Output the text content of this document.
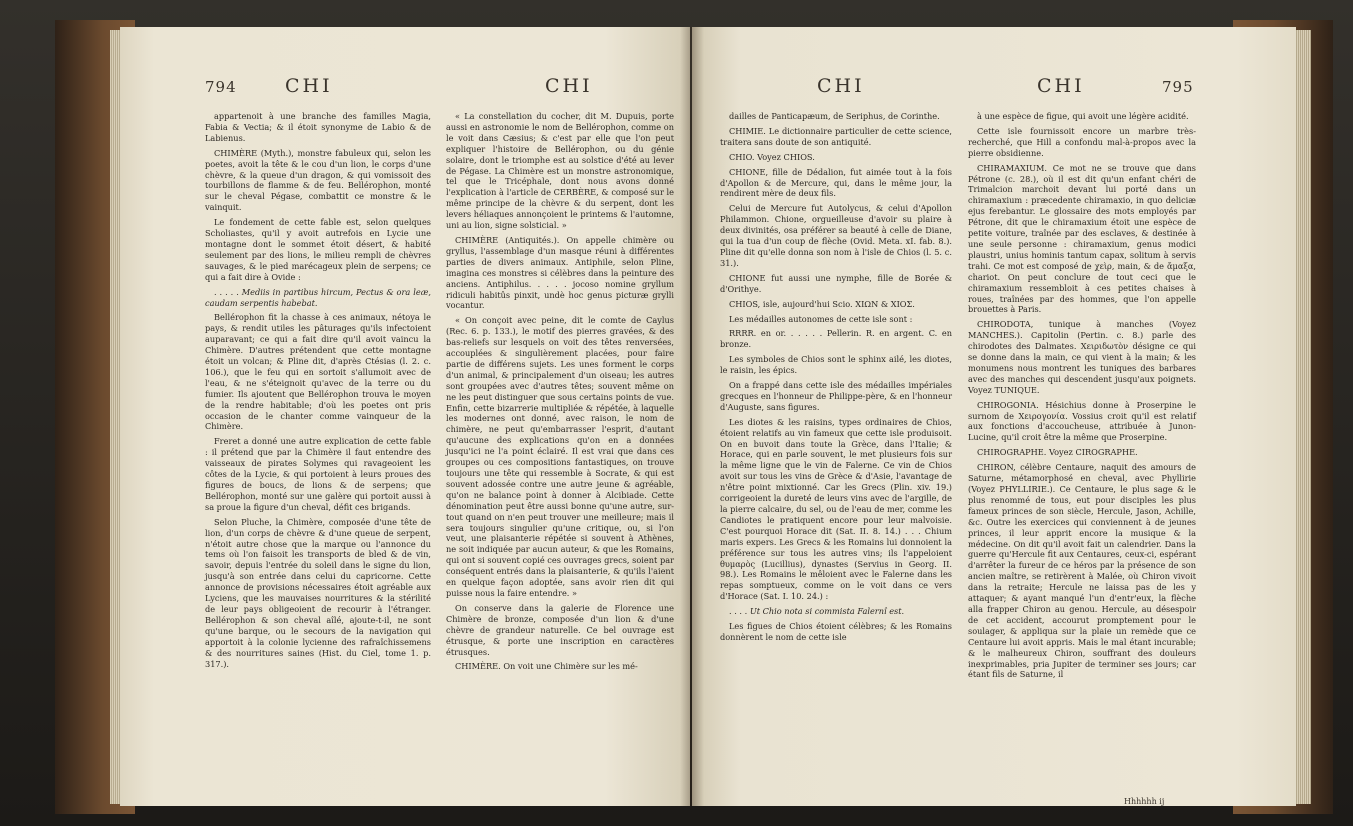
794	CHI	CHI

appartenoit à une branche des familles Magia, Fabia & Vectia; & il étoit synonyme de Labio & de Labienus.

CHIMÈRE (Myth.), monstre fabuleux qui, selon les poetes, avoit la tête & le cou d'un lion, le corps d'une chèvre, & la queue d'un dragon, & qui vomissoit des tourbillons de flamme & de feu. Bellérophon, monté sur le cheval Pégase, combattit ce monstre & le vainquit.

Le fondement de cette fable est, selon quelques Scholiastes, qu'il y avoit autrefois en Lycie une montagne dont le sommet étoit désert, & habité seulement par des lions, le milieu rempli de chèvres sauvages, & le pied marécageux plein de serpens; ce qui a fait dire à Ovide :

. . . . . Mediis in partibus hircum, Pectus & ora leæ, caudam serpentis habebat.

Bellérophon fit la chasse à ces animaux, nétoya le pays, & rendit utiles les pâturages qu'ils infectoient auparavant; ce qui a fait dire qu'il avoit vaincu la Chimère. D'autres prétendent que cette montagne étoit un volcan; & Pline dit, d'après Ctésias (l. 2. c. 106.), que le feu qui en sortoit s'allumoit avec de l'eau, & ne s'éteignoit qu'avec de la terre ou du fumier. Ils ajoutent que Bellérophon trouva le moyen de la rendre habitable; d'où les poetes ont pris occasion de le chanter comme vainqueur de la Chimère.

Freret a donné une autre explication de cette fable : il prétend que par la Chimère il faut entendre des vaisseaux de pirates Solymes qui ravageoient les côtes de la Lycie, & qui portoient à leurs proues des figures de boucs, de lions & de serpens; que Bellérophon, monté sur une galère qui portoit aussi à sa proue la figure d'un cheval, défit ces brigands.

Selon Pluche, la Chimère, composée d'une tête de lion, d'un corps de chèvre & d'une queue de serpent, n'étoit autre chose que la marque ou l'annonce du tems où l'on faisoit les transports de bled & de vin, savoir, depuis l'entrée du soleil dans le signe du lion, jusqu'à son entrée dans celui du capricorne. Cette annonce de provisions nécessaires étoit agréable aux Lyciens, que les mauvaises nourritures & la stérilité de leur pays obligeoient de recourir à l'étranger. Bellérophon & son cheval aîlé, ajoute-t-il, ne sont qu'une barque, ou le secours de la navigation qui apportoit à la colonie lycienne des rafraîchissemens & des nourritures saines (Hist. du Ciel, tome 1. p. 317.).

« La constellation du cocher, dit M. Dupuis, porte aussi en astronomie le nom de Bellérophon, comme on le voit dans Cæsius; & c'est par elle que l'on peut expliquer l'histoire de Bellérophon, ou du génie solaire, dont le triomphe est au solstice d'été au lever de Pégase. La Chimère est un monstre astronomique, tel que le Tricéphale, dont nous avons donné l'explication à l'article de CERBÈRE, & composé sur le même principe de la chèvre & du serpent, dont les levers héliaques annonçoient le printems & l'automne, uni au lion, signe solsticial. »

CHIMÈRE (Antiquités.). On appelle chimère ou gryllus, l'assemblage d'un masque réuni à différentes parties de divers animaux. Antiphile, selon Pline, imagina ces monstres si célèbres dans la peinture des anciens. Antiphilus. . . . . jocoso nomine gryllum ridiculi habitûs pinxit, undè hoc genus picturæ grylli vocantur.

« On conçoit avec peine, dit le comte de Caylus (Rec. 6. p. 133.), le motif des pierres gravées, & des bas-reliefs sur lesquels on voit des têtes renversées, accouplées & singulièrement placées, pour faire partie de différens sujets. Les unes forment le corps d'un animal, & principalement d'un oiseau; les autres sont groupées avec d'autres têtes; souvent même on ne les peut distinguer que sous certains points de vue. Enfin, cette bizarrerie multipliée & répétée, à laquelle les modernes ont donné, avec raison, le nom de chimère, ne peut qu'embarrasser l'esprit, d'autant qu'aucune des explications qu'on en a données jusqu'ici ne l'a point éclairé. Il est vrai que dans ces groupes ou ces compositions fantastiques, on trouve toujours une tête qui ressemble à Socrate, & qui est souvent adossée contre une autre jeune & agréable, qu'on ne balance point à donner à Alcibiade. Cette dénomination peut être aussi bonne qu'une autre, sur-tout quand on n'en peut trouver une meilleure; mais il sera toujours singulier qu'une critique, ou, si l'on veut, une plaisanterie répétée si souvent à Athènes, ne soit indiquée par aucun auteur, & que les Romains, qui ont si souvent copié ces ouvrages grecs, soient par conséquent entrés dans la plaisanterie, & qu'ils l'aient en quelque façon adoptée, sans avoir rien dit qui puisse nous la faire entendre. »

On conserve dans la galerie de Florence une Chimère de bronze, composée d'un lion & d'une chèvre de grandeur naturelle. Ce bel ouvrage est étrusque, & porte une inscription en caractères étrusques.

CHIMÈRE. On voit une Chimère sur les mé-

CHI	CHI	795

dailles de Panticapæum, de Seriphus, de Corinthe.

CHIMIE. Le dictionnaire particulier de cette science, traitera sans doute de son antiquité.

CHIO. Voyez CHIOS.

CHIONE, fille de Dédalion, fut aimée tout à la fois d'Apollon & de Mercure, qui, dans le même jour, la rendirent mère de deux fils.

Celui de Mercure fut Autolycus, & celui d'Apollon Philammon. Chione, orgueilleuse d'avoir su plaire à deux divinités, osa préférer sa beauté à celle de Diane, qui la tua d'un coup de flèche (Ovid. Meta. xI. fab. 8.). Pline dit qu'elle donna son nom à l'isle de Chios (l. 5. c. 31.).

CHIONE fut aussi une nymphe, fille de Borée & d'Orithye.

CHIOS, isle, aujourd'hui Scio. ΧΙΩΝ & ΧΙΟΣ.

Les médailles autonomes de cette isle sont :

RRRR. en or. . . . . . Pellerin. R. en argent. C. en bronze.

Les symboles de Chios sont le sphinx ailé, les diotes, le raisin, les épics.

On a frappé dans cette isle des médailles impériales grecques en l'honneur de Philippe-père, & en l'honneur d'Auguste, sans figures.

Les diotes & les raisins, types ordinaires de Chios, étoient relatifs au vin fameux que cette isle produisoit. On en buvoit dans toute la Grèce, dans l'Italie; & Horace, qui en parle souvent, le met plusieurs fois sur la même ligne que le vin de Falerne. Ce vin de Chios avoit sur tous les vins de Grèce & d'Asie, l'avantage de n'être point mixtionné. Car les Grecs (Plin. xiv. 19.) corrigeoient la dureté de leurs vins avec de l'argille, de la pierre calcaire, du sel, ou de l'eau de mer, comme les Candiotes le pratiquent encore pour leur malvoisie. C'est pourquoi Horace dit (Sat. II. 8. 14.) . . . Chium maris expers. Les Grecs & les Romains lui donnoient la préférence sur tous les autres vins; ils l'appeloient θυμαρὸς (Lucillius), dynastes (Servius in Georg. II. 98.). Les Romains le mêloient avec le Falerne dans les repas somptueux, comme on le voit dans ce vers d'Horace (Sat. I. 10. 24.) :

. . . . Ut Chio nota si commista Falernî est.

Les figues de Chios étoient célèbres; & les Romains donnèrent le nom de cette isle

à une espèce de figue, qui avoit une légère acidité.

Cette isle fournissoit encore un marbre très-recherché, que Hill a confondu mal-à-propos avec la pierre obsidienne.

CHIRAMAXIUM. Ce mot ne se trouve que dans Pétrone (c. 28.), où il est dit qu'un enfant chéri de Trimalcion marchoit devant lui porté dans un chiramaxium : præcedente chiramaxio, in quo deliciæ ejus ferebantur. Le glossaire des mots employés par Pétrone, dit que le chiramaxium étoit une espèce de petite voiture, traînée par des esclaves, & destinée à une seule personne : chiramaxium, genus modici plaustri, unius hominis tantum capax, solitum à servis trahi. Ce mot est composé de χεὶρ, main, & de ἄμαξα, chariot. On peut conclure de tout ceci que le chiramaxium ressembloit à ces petites chaises à roues, traînées par des hommes, que l'on appelle brouettes à Paris.

CHIRODOTA, tunique à manches (Voyez MANCHES.). Capitolin (Pertin. c. 8.) parle des chirodotes des Dalmates. Χειριδωτὸν désigne ce qui se donne dans la main, ce qui vient à la main; & les monumens nous montrent les tuniques des barbares avec des manches qui descendent jusqu'aux poignets. Voyez TUNIQUE.

CHIROGONIA. Hésichius donne à Proserpine le surnom de Χειρογονία. Vossius croit qu'il est relatif aux fonctions d'accoucheuse, attribuée à Junon-Lucine, qu'il croit être la même que Proserpine.

CHIROGRAPHE. Voyez CIROGRAPHE.

CHIRON, célèbre Centaure, naquit des amours de Saturne, métamorphosé en cheval, avec Phyllirie (Voyez PHYLLIRIE.). Ce Centaure, le plus sage & le plus renommé de tous, eut pour disciples les plus fameux princes de son siècle, Hercule, Jason, Achille, &c. Outre les exercices qui conviennent à de jeunes princes, il leur apprit encore la musique & la médecine. On dit qu'il avoit fait un calendrier. Dans la guerre qu'Hercule fit aux Centaures, ceux-ci, espérant d'arrêter la fureur de ce héros par la présence de son ancien maître, se retirèrent à Malée, où Chiron vivoit dans la retraite; Hercule ne laissa pas de les y attaquer; & ayant manqué l'un d'entr'eux, la flèche alla frapper Chiron au genou. Hercule, au désespoir de cet accident, accourut promptement pour le soulager, & appliqua sur la plaie un remède que ce Centaure lui avoit appris. Mais le mal étant incurable; & le malheureux Chiron, souffrant des douleurs inexprimables, pria Jupiter de terminer ses jours; car étant fils de Saturne, il

Hhhhhh ij
